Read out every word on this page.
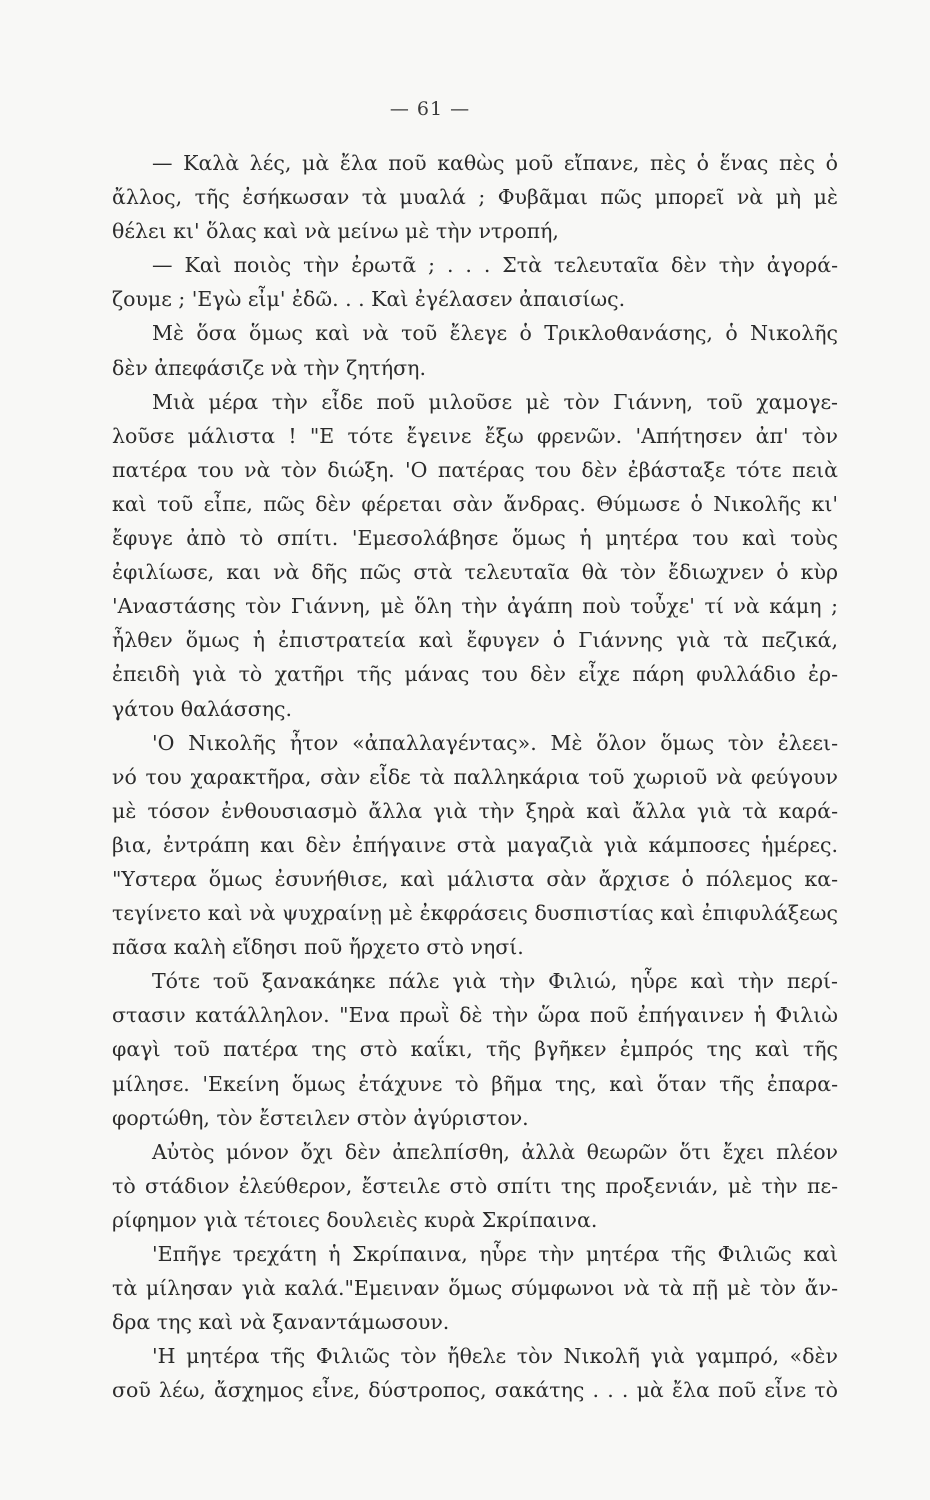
— 61 —
— Καλὰ λές, μὰ ἔλα ποῦ καθὼς μοῦ εἴπανε, πὲς ὁ ἕνας πὲς ὁ
ἄλλος, τῆς ἐσήκωσαν τὰ μυαλά ; Φυβᾶμαι πῶς μπορεῖ νὰ μὴ μὲ
θέλει κι' ὅλας καὶ νὰ μείνω μὲ τὴν ντροπή,
— Καὶ ποιὸς τὴν ἐρωτᾶ ; . . . Στὰ τελευταῖα δὲν τὴν ἀγορά-
ζουμε ; 'Εγὼ εἶμ' ἐδῶ. . . Καὶ ἐγέλασεν ἀπαισίως.
Μὲ ὅσα ὅμως καὶ νὰ τοῦ ἔλεγε ὁ Τρικλοθανάσης, ὁ Νικολῆς
δὲν ἀπεφάσιζε νὰ τὴν ζητήση.
Μιὰ μέρα τὴν εἶδε ποῦ μιλοῦσε μὲ τὸν Γιάννη, τοῦ χαμογε-
λοῦσε μάλιστα ! "Ε τότε ἔγεινε ἔξω φρενῶν. 'Απήτησεν ἀπ' τὸν
πατέρα του νὰ τὸν διώξη. 'Ο πατέρας του δὲν ἐβάσταξε τότε πειὰ
καὶ τοῦ εἶπε, πῶς δὲν φέρεται σὰν ἄνδρας. Θύμωσε ὁ Νικολῆς κι'
ἔφυγε ἀπὸ τὸ σπίτι. 'Εμεσολάβησε ὅμως ἡ μητέρα του καὶ τοὺς
ἐφιλίωσε, και νὰ δῆς πῶς στὰ τελευταῖα θὰ τὸν ἔδιωχνεν ὁ κὺρ
'Αναστάσης τὸν Γιάννη, μὲ ὅλη τὴν ἀγάπη ποὺ τοὖχε' τί νὰ κάμη ;
ἦλθεν ὅμως ἡ ἐπιστρατεία καὶ ἔφυγεν ὁ Γιάννης γιὰ τὰ πεζικά,
ἐπειδὴ γιὰ τὸ χατῆρι τῆς μάνας του δὲν εἶχε πάρη φυλλάδιο ἐρ-
γάτου θαλάσσης.
'Ο Νικολῆς ἦτον «ἀπαλλαγέντας». Μὲ ὅλον ὅμως τὸν ἐλεει-
νό του χαρακτῆρα, σὰν εἶδε τὰ παλληκάρια τοῦ χωριοῦ νὰ φεύγουν
μὲ τόσον ἐνθουσιασμὸ ἄλλα γιὰ τὴν ξηρὰ καὶ ἄλλα γιὰ τὰ καρά-
βια, ἐντράπη και δὲν ἐπήγαινε στὰ μαγαζιὰ γιὰ κάμποσες ἡμέρες.
"Υστερα ὅμως ἐσυνήθισε, καὶ μάλιστα σὰν ἄρχισε ὁ πόλεμος κα-
τεγίνετο καὶ νὰ ψυχραίνῃ μὲ ἐκφράσεις δυσπιστίας καὶ ἐπιφυλάξεως
πᾶσα καλὴ εἴδησι ποῦ ἤρχετο στὸ νησί.
Τότε τοῦ ξανακάηκε πάλε γιὰ τὴν Φιλιώ, ηὗρε καὶ τὴν περί-
στασιν κατάλληλον. "Ενα πρωῒ δὲ τὴν ὥρα ποῦ ἐπήγαινεν ἡ Φιλιὼ
φαγὶ τοῦ πατέρα της στὸ καΐκι, τῆς βγῆκεν ἐμπρός της καὶ τῆς
μίλησε. 'Εκείνη ὅμως ἐτάχυνε τὸ βῆμα της, καὶ ὅταν τῆς ἐπαρα-
φορτώθη, τὸν ἔστειλεν στὸν ἀγύριστον.
Αὐτὸς μόνον ὄχι δὲν ἀπελπίσθη, ἀλλὰ θεωρῶν ὅτι ἔχει πλέον
τὸ στάδιον ἐλεύθερον, ἔστειλε στὸ σπίτι της προξενιάν, μὲ τὴν πε-
ρίφημον γιὰ τέτοιες δουλειὲς κυρὰ Σκρίπαινα.
'Επῆγε τρεχάτη ἡ Σκρίπαινα, ηὗρε τὴν μητέρα τῆς Φιλιῶς καὶ
τὰ μίλησαν γιὰ καλά."Εμειναν ὅμως σύμφωνοι νὰ τὰ πῇ μὲ τὸν ἄν-
δρα της καὶ νὰ ξαναντάμωσουν.
'Η μητέρα τῆς Φιλιῶς τὸν ἤθελε τὸν Νικολῆ γιὰ γαμπρό, «δὲν
σοῦ λέω, ἄσχημος εἶνε, δύστροπος, σακάτης . . . μὰ ἔλα ποῦ εἶνε τὸ
